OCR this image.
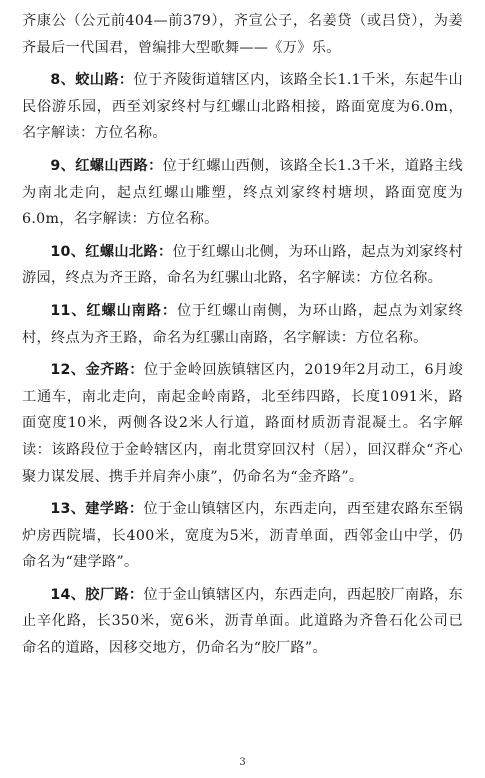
齐康公（公元前404—前379），齐宣公子，名姜贷（或吕贷），为姜齐最后一代国君，曾编排大型歌舞——《万》乐。

8、蛟山路：位于齐陵街道辖区内，该路全长1.1千米，东起牛山民俗游乐园，西至刘家终村与红螺山北路相接，路面宽度为6.0m，名字解读：方位名称。

9、红螺山西路：位于红螺山西侧，该路全长1.3千米，道路主线为南北走向，起点红螺山雕塑，终点刘家终村塘坝，路面宽度为6.0m，名字解读：方位名称。

10、红螺山北路：位于红螺山北侧，为环山路，起点为刘家终村游园，终点为齐王路，命名为红骡山北路，名字解读：方位名称。

11、红螺山南路：位于红螺山南侧，为环山路，起点为刘家终村，终点为齐王路，命名为红骡山南路，名字解读：方位名称。

12、金齐路：位于金岭回族镇辖区内，2019年2月动工，6月竣工通车，南北走向，南起金岭南路，北至纬四路，长度1091米，路面宽度10米，两侧各设2米人行道，路面材质沥青混凝土。名字解读：该路段位于金岭辖区内，南北贯穿回汉村（居），回汉群众“齐心聚力谋发展、携手并肩奔小康”，仍命名为“金齐路”。

13、建学路：位于金山镇辖区内，东西走向，西至建农路东至锅炉房西院墙，长400米，宽度为5米，沥青单面，西邻金山中学，仍命名为“建学路”。

14、胶厂路：位于金山镇辖区内，东西走向，西起胶厂南路，东止辛化路，长350米，宽6米，沥青单面。此道路为齐鲁石化公司已命名的道路，因移交地方，仍命名为“胶厂路”。

3
